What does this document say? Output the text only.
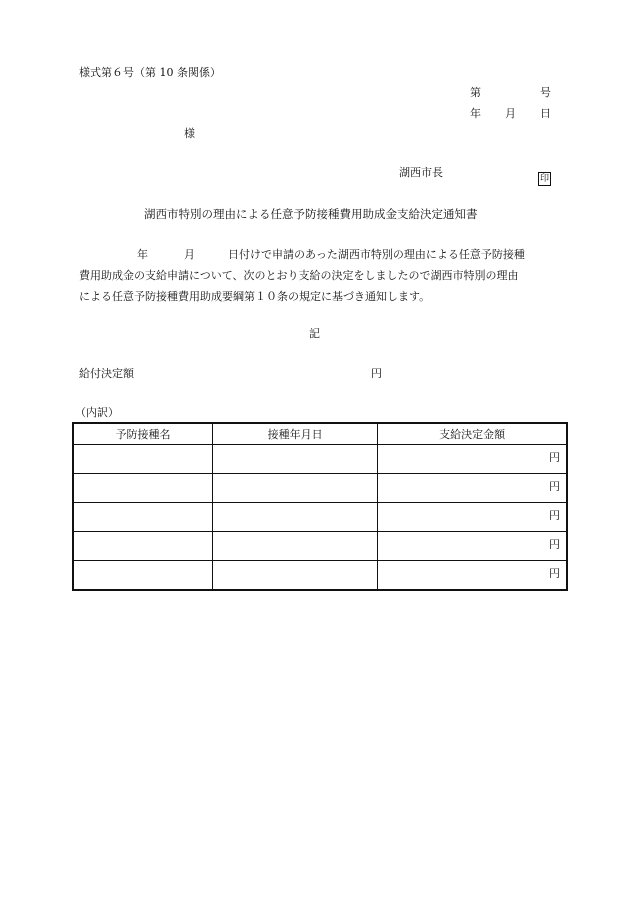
様式第６号（第 10 条関係）
第	号
年 月 日
様
湖西市長	印
湖西市特別の理由による任意予防接種費用助成金支給決定通知書
年	月	日付けで申請のあった湖西市特別の理由による任意予防接種
費用助成金の支給申請について、次のとおり支給の決定をしましたので湖西市特別の理由
による任意予防接種費用助成要綱第１０条の規定に基づき通知します。
記
給付決定額	円
（内訳）
予防接種名	接種年月日	支給決定金額
		円
		円
		円
		円
		円
